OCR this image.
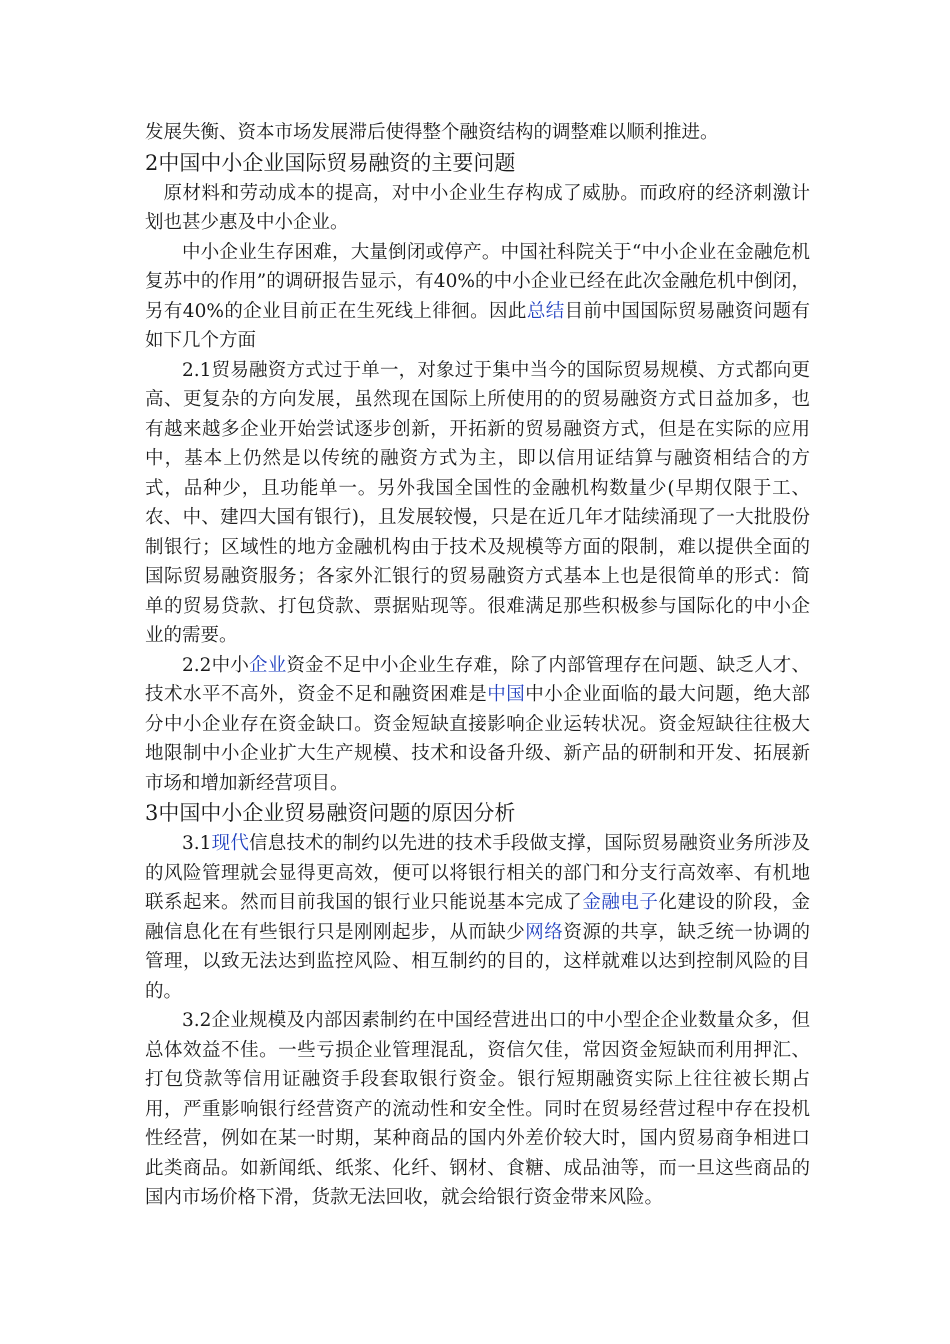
发展失衡、资本市场发展滞后使得整个融资结构的调整难以顺利推进。

2中国中小企业国际贸易融资的主要问题

原材料和劳动成本的提高，对中小企业生存构成了威胁。而政府的经济刺激计划也甚少惠及中小企业。

中小企业生存困难，大量倒闭或停产。中国社科院关于“中小企业在金融危机复苏中的作用”的调研报告显示，有40%的中小企业已经在此次金融危机中倒闭，另有40%的企业目前正在生死线上徘徊。因此总结目前中国国际贸易融资问题有如下几个方面

2.1贸易融资方式过于单一，对象过于集中当今的国际贸易规模、方式都向更高、更复杂的方向发展，虽然现在国际上所使用的的贸易融资方式日益加多，也有越来越多企业开始尝试逐步创新，开拓新的贸易融资方式，但是在实际的应用中，基本上仍然是以传统的融资方式为主，即以信用证结算与融资相结合的方式，品种少，且功能单一。另外我国全国性的金融机构数量少(早期仅限于工、农、中、建四大国有银行)，且发展较慢，只是在近几年才陆续涌现了一大批股份制银行；区域性的地方金融机构由于技术及规模等方面的限制，难以提供全面的国际贸易融资服务；各家外汇银行的贸易融资方式基本上也是很简单的形式：简单的贸易贷款、打包贷款、票据贴现等。很难满足那些积极参与国际化的中小企业的需要。

2.2中小企业资金不足中小企业生存难，除了内部管理存在问题、缺乏人才、技术水平不高外，资金不足和融资困难是中国中小企业面临的最大问题，绝大部分中小企业存在资金缺口。资金短缺直接影响企业运转状况。资金短缺往往极大地限制中小企业扩大生产规模、技术和设备升级、新产品的研制和开发、拓展新市场和增加新经营项目。

3中国中小企业贸易融资问题的原因分析

3.1现代信息技术的制约以先进的技术手段做支撑，国际贸易融资业务所涉及的风险管理就会显得更高效，便可以将银行相关的部门和分支行高效率、有机地联系起来。然而目前我国的银行业只能说基本完成了金融电子化建设的阶段，金融信息化在有些银行只是刚刚起步，从而缺少网络资源的共享，缺乏统一协调的管理，以致无法达到监控风险、相互制约的目的，这样就难以达到控制风险的目的。

3.2企业规模及内部因素制约在中国经营进出口的中小型企企业数量众多，但总体效益不佳。一些亏损企业管理混乱，资信欠佳，常因资金短缺而利用押汇、打包贷款等信用证融资手段套取银行资金。银行短期融资实际上往往被长期占用，严重影响银行经营资产的流动性和安全性。同时在贸易经营过程中存在投机性经营，例如在某一时期，某种商品的国内外差价较大时，国内贸易商争相进口此类商品。如新闻纸、纸浆、化纤、钢材、食糖、成品油等，而一旦这些商品的国内市场价格下滑，货款无法回收，就会给银行资金带来风险。
